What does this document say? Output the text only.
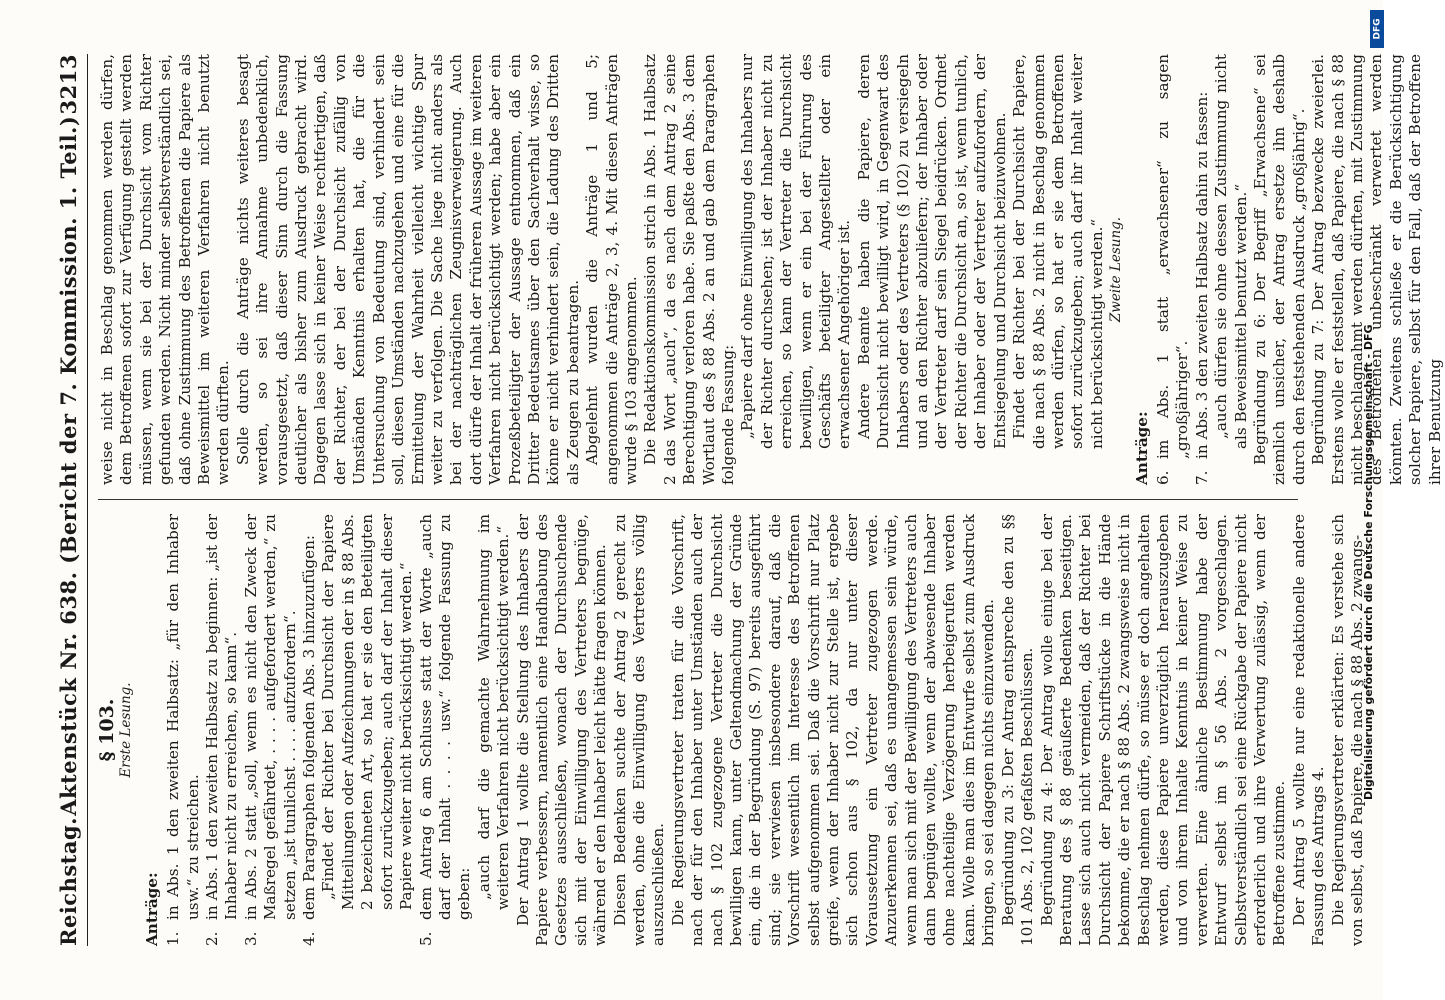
Reichstag.
Aktenstück Nr. 638. (Bericht der 7. Kommission. 1. Teil.)
3213
§ 103. Erste Lesung.
Anträge: 1.
in Abs. 1 den zweiten Halbsatz: „für den Inhaber usw.“ zu streichen.
2.
in Abs. 1 den zweiten Halbsatz zu beginnen: „ist der Inhaber nicht zu erreichen, so kann“.
3.
in Abs. 2 statt „soll, wenn es nicht den Zweck der Maßregel gefährdet, . . . . aufgefordert werden,“ zu setzen „ist tunlichst . . . . aufzufordern“.
4.
dem Paragraphen folgenden Abs. 3 hinzuzufügen: „Findet der Richter bei Durchsicht der Papiere Mitteilungen oder Aufzeichnungen der in § 88 Abs. 2 bezeichneten Art, so hat er sie den Beteiligten sofort zurückzugeben; auch darf der Inhalt dieser Papiere weiter nicht berücksichtigt werden.“

5.
dem Antrag 6 am Schlusse statt der Worte „auch darf der Inhalt . . . . usw.“ folgende Fassung zu geben: „auch darf die gemachte Wahrnehmung im weiteren Verfahren nicht berücksichtigt werden.“ Der Antrag 1 wollte die Stellung des Inhabers der Papiere verbessern, namentlich eine Handhabung des Gesetzes ausschließen, wonach der Durchsuchende sich mit der Einwilligung des Vertreters begnüge, während er den Inhaber leicht hätte fragen können. Diesen Bedenken suchte der Antrag 2 gerecht zu werden, ohne die Einwilligung des Vertreters völlig auszuschließen. Die Regierungsvertreter traten für die Vorschrift, nach der für den Inhaber unter Umständen auch der nach § 102 zugezogene Vertreter die Durchsicht bewilligen kann, unter Geltendmachung der Gründe ein, die in der Begründung (S. 97) bereits ausgeführt sind; sie verwiesen insbesondere darauf, daß die Vorschrift wesentlich im Interesse des Betroffenen selbst aufgenommen sei. Daß die Vorschrift nur Platz greife, wenn der Inhaber nicht zur Stelle ist, ergebe sich schon aus § 102, da nur unter dieser Voraussetzung ein Vertreter zugezogen werde. Anzuerkennen sei, daß es unangemessen sein würde, wenn man sich mit der Bewilligung des Vertreters auch dann begnügen wollte, wenn der abwesende Inhaber ohne nachteilige Verzögerung herbeigerufen werden kann. Wolle man dies im Entwurfe selbst zum Ausdruck bringen, so sei dagegen nichts einzuwenden. Begründung zu 3: Der Antrag entspreche den zu §§ 101 Abs. 2, 102 gefaßten Beschlüssen. Begründung zu 4: Der Antrag wolle einige bei der Beratung des § 88 geäußerte Bedenken beseitigen. Lasse sich auch nicht vermeiden, daß der Richter bei Durchsicht der Papiere Schriftstücke in die Hände bekomme, die er nach § 88 Abs. 2 zwangsweise nicht in Beschlag nehmen dürfe, so müsse er doch angehalten werden, diese Papiere unverzüglich herauszugeben und von ihrem Inhalte Kenntnis in keiner Weise zu verwerten. Eine ähnliche Bestimmung habe der Entwurf selbst im § 56 Abs. 2 vorgeschlagen. Selbstverständlich sei eine Rückgabe der Papiere nicht erforderlich und ihre Verwertung zulässig, wenn der Betroffene zustimme. Der Antrag 5 wollte nur eine redaktionelle andere Fassung des Antrags 4. Die Regierungsvertreter erklärten: Es verstehe sich von selbst, daß Papiere, die nach § 88 Abs. 2 zwangs-

weise nicht in Beschlag genommen werden dürfen, dem Betroffenen sofort zur Verfügung gestellt werden müssen, wenn sie bei der Durchsicht vom Richter gefunden werden. Nicht minder selbstverständlich sei, daß ohne Zustimmung des Betroffenen die Papiere als Beweismittel im weiteren Verfahren nicht benutzt werden dürften. Solle durch die Anträge nichts weiteres besagt werden, so sei ihre Annahme unbedenklich, vorausgesetzt, daß dieser Sinn durch die Fassung deutlicher als bisher zum Ausdruck gebracht wird. Dagegen lasse sich in keiner Weise rechtfertigen, daß der Richter, der bei der Durchsicht zufällig von Umständen Kenntnis erhalten hat, die für die Untersuchung von Bedeutung sind, verhindert sein soll, diesen Umständen nachzugehen und eine für die Ermittelung der Wahrheit vielleicht wichtige Spur weiter zu verfolgen. Die Sache liege nicht anders als bei der nachträglichen Zeugnisverweigerung. Auch dort dürfe der Inhalt der früheren Aussage im weiteren Verfahren nicht berücksichtigt werden; habe aber ein Prozeßbeteiligter der Aussage entnommen, daß ein Dritter Bedeutsames über den Sachverhalt wisse, so könne er nicht verhindert sein, die Ladung des Dritten als Zeugen zu beantragen. Abgelehnt wurden die Anträge 1 und 5; angenommen die Anträge 2, 3, 4. Mit diesen Anträgen wurde § 103 angenommen. Die Redaktionskommission strich in Abs. 1 Halbsatz 2 das Wort „auch“, da es nach dem Antrag 2 seine Berechtigung verloren habe. Sie paßte den Abs. 3 dem Wortlaut des § 88 Abs. 2 an und gab dem Paragraphen folgende Fassung: „Papiere darf ohne Einwilligung des Inhabers nur der Richter durchsehen; ist der Inhaber nicht zu erreichen, so kann der Vertreter die Durchsicht bewilligen, wenn er ein bei der Führung des Geschäfts beteiligter Angestellter oder ein erwachsener Angehöriger ist. Andere Beamte haben die Papiere, deren Durchsicht nicht bewilligt wird, in Gegenwart des Inhabers oder des Vertreters (§ 102) zu versiegeln und an den Richter abzuliefern; der Inhaber oder der Vertreter darf sein Siegel beidrücken. Ordnet der Richter die Durchsicht an, so ist, wenn tunlich, der Inhaber oder der Vertreter aufzufordern, der Entsiegelung und Durchsicht beizuwohnen. Findet der Richter bei der Durchsicht Papiere, die nach § 88 Abs. 2 nicht in Beschlag genommen werden dürfen, so hat er sie dem Betroffenen sofort zurückzugeben; auch darf ihr Inhalt weiter nicht berücksichtigt werden.“ Zweite Lesung.
Anträge: 6.
im Abs. 1 statt „erwachsener“ zu sagen „großjähriger“.
7.
in Abs. 3 den zweiten Halbsatz dahin zu fassen: „auch dürfen sie ohne dessen Zustimmung nicht als Beweismittel benutzt werden.“ Begründung zu 6: Der Begriff „Erwachsene“ sei ziemlich unsicher, der Antrag ersetze ihn deshalb durch den feststehenden Ausdruck „großjährig“. Begründung zu 7: Der Antrag bezwecke zweierlei. Erstens wolle er feststellen, daß Papiere, die nach § 88 nicht beschlagnahmt werden dürften, mit Zustimmung des Betroffenen unbeschränkt verwertet werden könnten. Zweitens schließe er die Berücksichtigung solcher Papiere, selbst für den Fall, daß der Betroffene ihrer Benutzung

DFG
Digitalisierung gefördert durch die Deutsche Forschungsgemeinschaft - DFG
